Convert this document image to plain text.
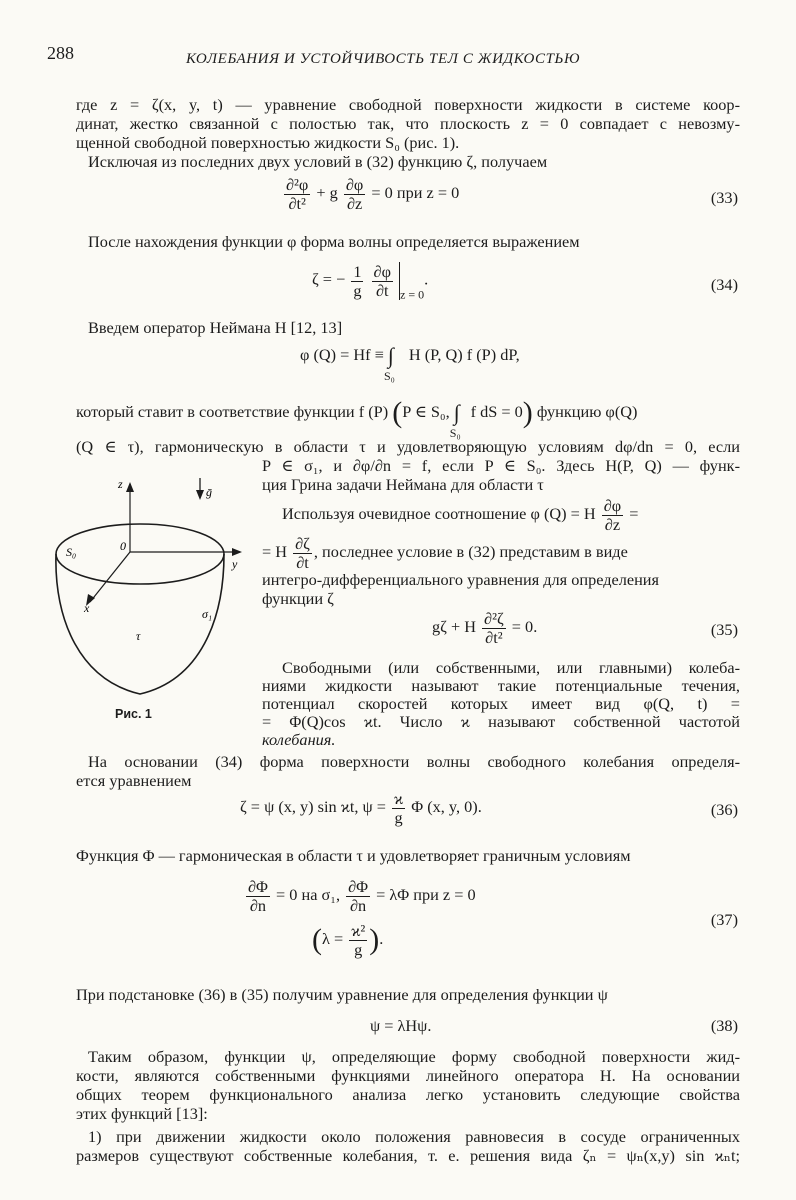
288	КОЛЕБАНИЯ И УСТОЙЧИВОСТЬ ТЕЛ С ЖИДКОСТЬЮ
где z = ζ(x, y, t) — уравнение свободной поверхности жидкости в системе коор-
динат, жестко связанной с полостью так, что плоскость z = 0 совпадает с невозму-
щенной свободной поверхностью жидкости S₀ (рис. 1).
Исключая из последних двух условий в (32) функцию ζ, получаем
$\frac{\text{∂²φ}}{\text{∂t²}} + g \frac{\partial\varphi}{\partial z} = 0$ при z = 0	(33)
После нахождения функции φ форма волны определяется выражением
ζ = − $\frac{1}{g}$
$\frac{\partial\varphi}{\partial t} _{z = 0}$.	(34)
Введем оператор Неймана H [12, 13]
φ $(Q) = Hf \equiv \int_{S_0}$ H (P, Q) f (P) dP,
который ставит в соответствие функции f (P) (P ∈ S₀, $\int_{S_0}f$ dS = 0) функцию φ(Q)
(Q ∈ τ), гармоническую в области τ и удовлетворяющую условиям dφ/dn = 0, если
P ∈ σ₁, и ∂φ/∂n = f, если P ∈ S₀. Здесь H(P, Q) — функ-
ция Грина задачи Неймана для области τ
Используя очевидное соотношение φ (Q) = H $\frac{\partial\varphi}{\partial z}$ =
= H $\frac{\partial\zeta}{\partial t}$ , последнее условие в (32) представим в виде
интегро-дифференциального уравнения для определения
функции ζ
gζ + H $\frac{\text{∂²ζ}}{\text{∂t²}} = 0$.	(35)
Свободными (или собственными, или главными) колеба-
ниями жидкости называют такие потенциальные течения,
потенциал скоростей которых имеет вид φ(Q, t) =
= Φ(Q)cos ϰt. Число ϰ называют собственной частотой
колебания.
z
ḡ
y
x
S₀	0
σ₁
τ
Рис. 1
На основании (34) форма поверхности волны свободного колебания определя-
ется уравнением
ζ = ψ (x, y) sin ϰt, $\psi = \frac{ϰ}{g}$ Φ (x, y, 0).	(36)
Функция Φ — гармоническая в области τ и удовлетворяет граничным условиям
$\frac{\partial\Phi}{\partial n} = 0$ на σ₁, $\frac{\partial\Phi}{\partial n} = \lambda\Phi$ при z = 0
($\lambda = \frac{\text{ϰ²}}{g}$ ).
(37)
При подстановке (36) в (35) получим уравнение для определения функции ψ
ψ = λHψ.	(38)
Таким образом, функции ψ, определяющие форму свободной поверхности жид-
кости, являются собственными функциями линейного оператора H. На основании
общих теорем функционального анализа легко установить следующие свойства
этих функций [13]:
1) при движении жидкости около положения равновесия в сосуде ограниченных
размеров существуют собственные колебания, т. е. решения вида ζₙ = ψₙ(x,y) sin ϰₙt;
